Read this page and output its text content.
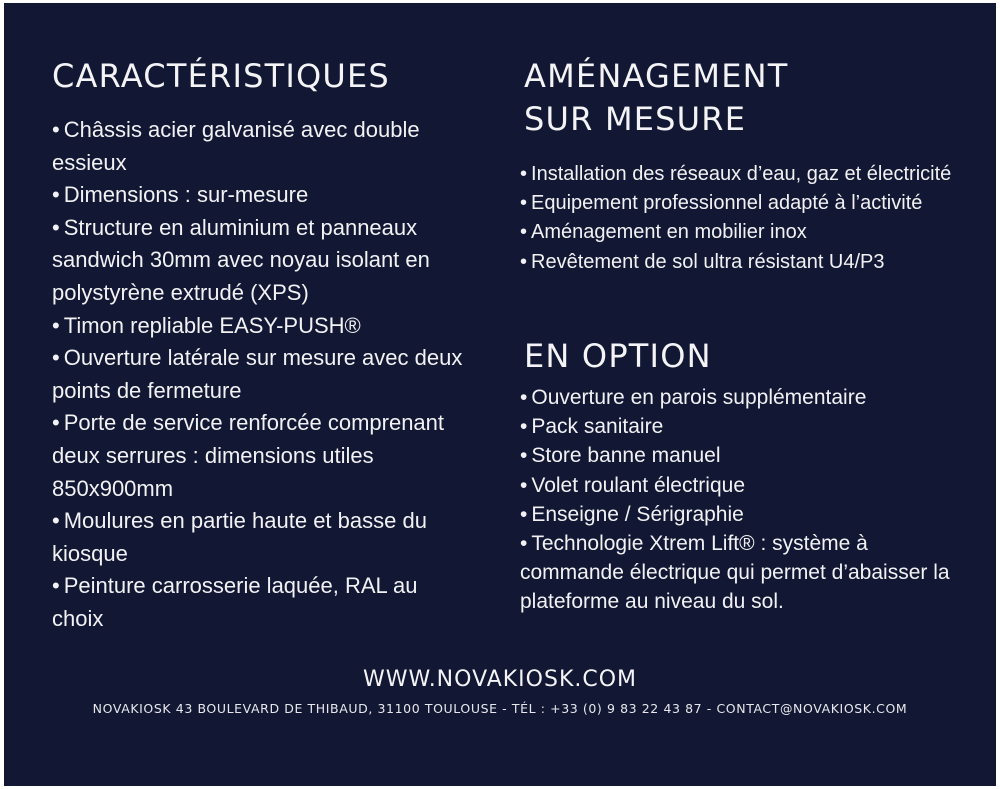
CARACTÉRISTIQUES
• Châssis acier galvanisé avec double essieux
• Dimensions : sur-mesure
• Structure en aluminium et panneaux sandwich 30mm avec noyau isolant en polystyrène extrudé (XPS)
• Timon repliable EASY-PUSH®
• Ouverture latérale sur mesure avec deux points de fermeture
• Porte de service renforcée comprenant deux serrures : dimensions utiles 850x900mm
• Moulures en partie haute et basse du kiosque
• Peinture carrosserie laquée, RAL au choix
AMÉNAGEMENT
SUR MESURE
• Installation des réseaux d’eau, gaz et électricité
• Equipement professionnel adapté à l’activité
• Aménagement en mobilier inox
• Revêtement de sol ultra résistant U4/P3
EN OPTION
• Ouverture en parois supplémentaire
• Pack sanitaire
• Store banne manuel
• Volet roulant électrique
• Enseigne / Sérigraphie
• Technologie Xtrem Lift® : système à commande électrique qui permet d’abaisser la plateforme au niveau du sol.
WWW.NOVAKIOSK.COM
NOVAKIOSK 43 BOULEVARD DE THIBAUD, 31100 TOULOUSE - TÉL : +33 (0) 9 83 22 43 87 - CONTACT@NOVAKIOSK.COM
